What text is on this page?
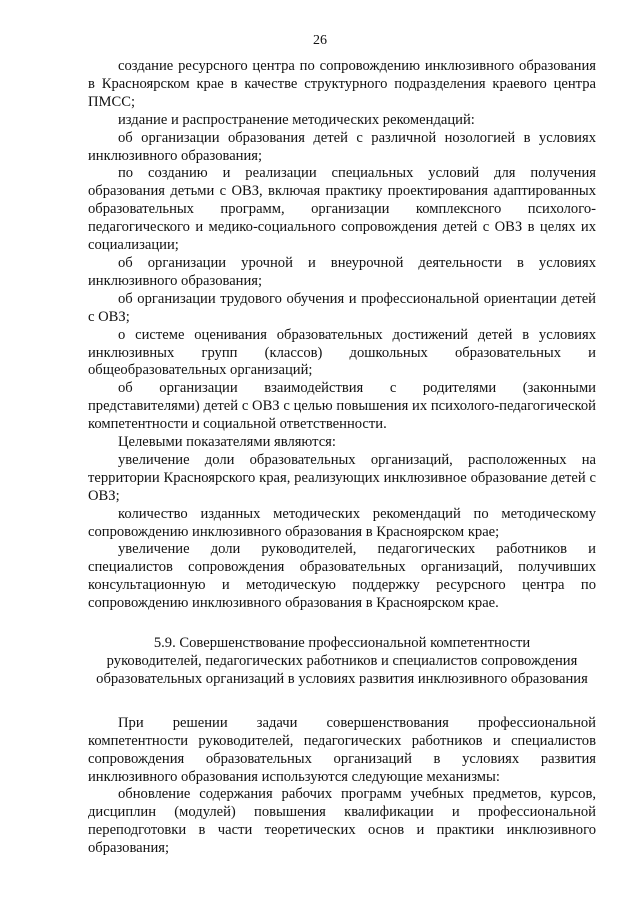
26

создание ресурсного центра по сопровождению инклюзивного образования в Красноярском крае в качестве структурного подразделения краевого центра ПМСС;

издание и распространение методических рекомендаций:

об организации образования детей с различной нозологией в условиях инклюзивного образования;

по созданию и реализации специальных условий для получения образования детьми с ОВЗ, включая практику проектирования адаптированных образовательных программ, организации комплексного психолого-педагогического и медико-социального сопровождения детей с ОВЗ в целях их социализации;

об организации урочной и внеурочной деятельности в условиях инклюзивного образования;

об организации трудового обучения и профессиональной ориентации детей с ОВЗ;

о системе оценивания образовательных достижений детей в условиях инклюзивных групп (классов) дошкольных образовательных и общеобразовательных организаций;

об организации взаимодействия с родителями (законными представителями) детей с ОВЗ с целью повышения их психолого-педагогической компетентности и социальной ответственности.

Целевыми показателями являются:

увеличение доли образовательных организаций, расположенных на территории Красноярского края, реализующих инклюзивное образование детей с ОВЗ;

количество изданных методических рекомендаций по методическому сопровождению инклюзивного образования в Красноярском крае;

увеличение доли руководителей, педагогических работников и специалистов сопровождения образовательных организаций, получивших консультационную и методическую поддержку ресурсного центра по сопровождению инклюзивного образования в Красноярском крае.

5.9. Совершенствование профессиональной компетентности

руководителей, педагогических работников и специалистов сопровождения

образовательных организаций в условиях развития инклюзивного образования

При решении задачи совершенствования профессиональной компетентности руководителей, педагогических работников и специалистов сопровождения образовательных организаций в условиях развития инклюзивного образования используются следующие механизмы:

обновление содержания рабочих программ учебных предметов, курсов, дисциплин (модулей) повышения квалификации и профессиональной переподготовки в части теоретических основ и практики инклюзивного образования;
